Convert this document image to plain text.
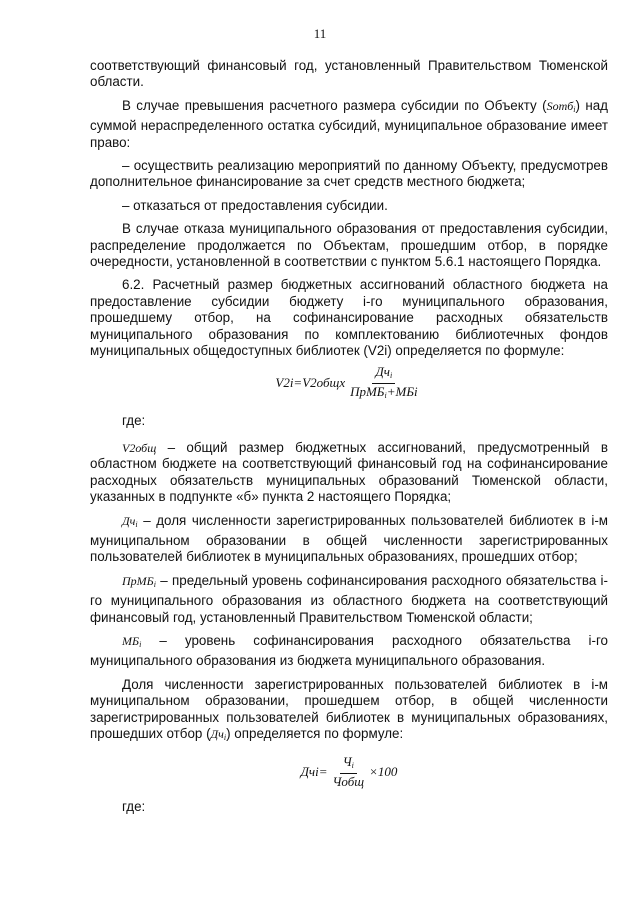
11

соответствующий финансовый год, установленный Правительством Тюменской области.

В случае превышения расчетного размера субсидии по Объекту (Sотб$_i$) над суммой нераспределенного остатка субсидий, муниципальное образование имеет право:

– осуществить реализацию мероприятий по данному Объекту, предусмотрев дополнительное финансирование за счет средств местного бюджета;

– отказаться от предоставления субсидии.

В случае отказа муниципального образования от предоставления субсидии, распределение продолжается по Объектам, прошедшим отбор, в порядке очередности, установленной в соответствии с пунктом 5.6.1 настоящего Порядка.

6.2. Расчетный размер бюджетных ассигнований областного бюджета на предоставление субсидии бюджету i-го муниципального образования, прошедшему отбор, на софинансирование расходных обязательств муниципального образования по комплектованию библиотечных фондов муниципальных общедоступных библиотек (V2i) определяется по формуле:

V2i=V2общх $\frac{Дч_i}{ПрМБ_i+МБi}$

где:

V2общ – общий размер бюджетных ассигнований, предусмотренный в областном бюджете на соответствующий финансовый год на софинансирование расходных обязательств муниципальных образований Тюменской области, указанных в подпункте «б» пункта 2 настоящего Порядка;

$Дч_i$ – доля численности зарегистрированных пользователей библиотек в i-м муниципальном образовании в общей численности зарегистрированных пользователей библиотек в муниципальных образованиях, прошедших отбор;

ПрМБ$_i$ – предельный уровень софинансирования расходного обязательства i-го муниципального образования из областного бюджета на соответствующий финансовый год, установленный Правительством Тюменской области;

$МБ_i$ – уровень софинансирования расходного обязательства i-го муниципального образования из бюджета муниципального образования.

Доля численности зарегистрированных пользователей библиотек в i-м муниципальном образовании, прошедшем отбор, в общей численности зарегистрированных пользователей библиотек в муниципальных образованиях, прошедших отбор $(Дч_i)$ определяется по формуле:

$Дчi= \frac{Ч_i}{\text{Чобщ}} \times 100$

где:
